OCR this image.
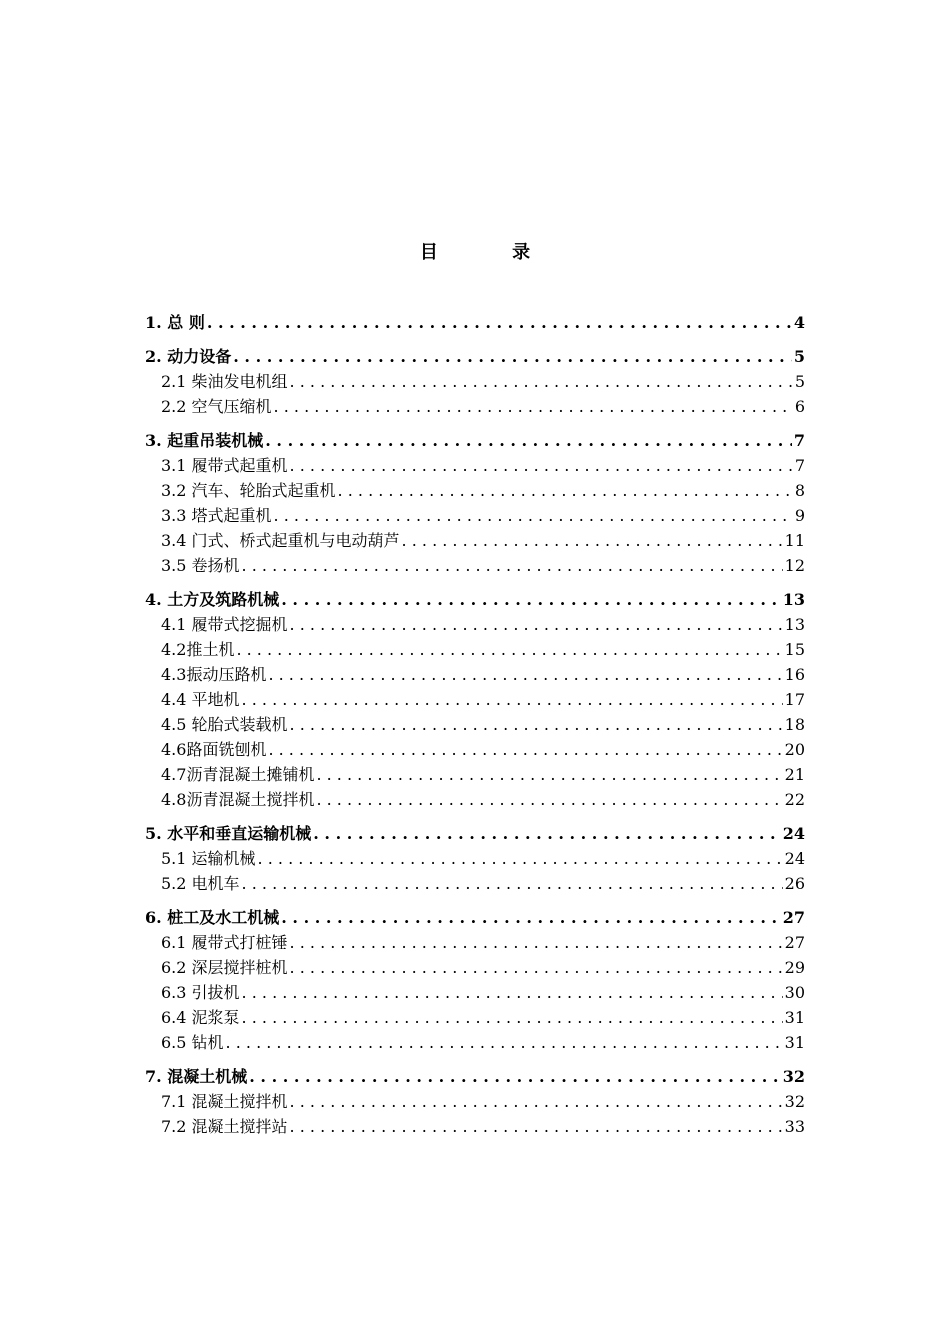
目 录
1. 总 则 . . .	4
2. 动力设备 . . .	5
2.1 柴油发电机组 . . .	5
2.2 空气压缩机 . . .	6
3. 起重吊装机械 . . .	7
3.1 履带式起重机 . . .	7
3.2 汽车、轮胎式起重机 . . .	8
3.3 塔式起重机 . . .	9
3.4 门式、桥式起重机与电动葫芦 . . .	11
3.5 卷扬机 . . .	12
4. 土方及筑路机械 . . .	13
4.1 履带式挖掘机 . . .	13
4.2推土机 . . .	15
4.3振动压路机 . . .	16
4.4 平地机 . . .	17
4.5 轮胎式装载机 . . .	18
4.6路面铣刨机 . . .	20
4.7沥青混凝土摊铺机 . . .	21
4.8沥青混凝土搅拌机 . . .	22
5. 水平和垂直运输机械 . . .	24
5.1 运输机械 . . .	24
5.2 电机车 . . .	26
6. 桩工及水工机械 . . .	27
6.1 履带式打桩锤 . . .	27
6.2 深层搅拌桩机 . . .	29
6.3 引拔机 . . .	30
6.4 泥浆泵 . . .	31
6.5 钻机 . . .	31
7. 混凝土机械 . . .	32
7.1 混凝土搅拌机 . . .	32
7.2 混凝土搅拌站 . . .	33
